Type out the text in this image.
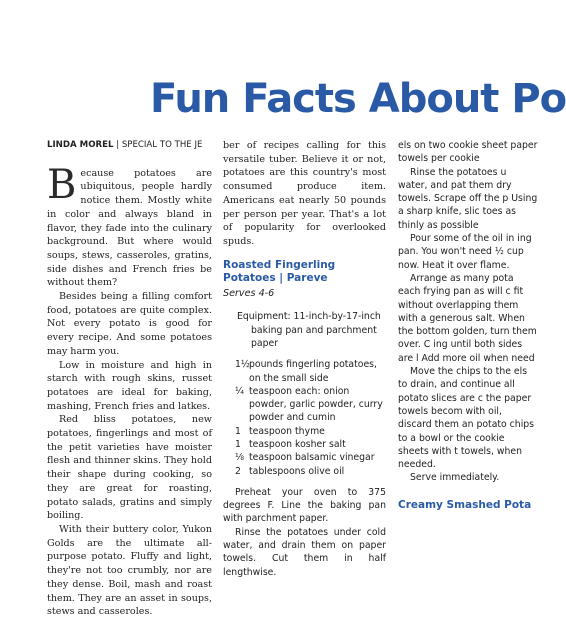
Fun Facts About Po
LINDA MOREL | SPECIAL TO THE JE

Because potatoes are ubiquitous, people hardly notice them. Mostly white in color and always bland in flavor, they fade into the culinary background. But where would soups, stews, casseroles, gratins, side dishes and French fries be without them?

Besides being a filling comfort food, potatoes are quite complex. Not every potato is good for every recipe. And some potatoes may harm you.

Low in moisture and high in starch with rough skins, russet potatoes are ideal for baking, mashing, French fries and latkes.

Red bliss potatoes, new potatoes, fingerlings and most of the petit varieties have moister flesh and thinner skins. They hold their shape during cooking, so they are great for roasting, potato salads, gratins and simply boiling.

With their buttery color, Yukon Golds are the ultimate all-purpose potato. Fluffy and light, they're not too crumbly, nor are they dense. Boil, mash and roast them. They are an asset in soups, stews and casseroles.

ber of recipes calling for this versatile tuber. Believe it or not, potatoes are this country's most consumed produce item. Americans eat nearly 50 pounds per person per year. That's a lot of popularity for overlooked spuds.

Roasted Fingerling Potatoes | Pareve
Serves 4-6
Equipment: 11-inch-by-17-inch baking pan and parchment paper
1½ pounds fingerling potatoes, on the small side
¼ teaspoon each: onion powder, garlic powder, curry powder and cumin
1 teaspoon thyme
1 teaspoon kosher salt
⅛ teaspoon balsamic vinegar
2 tablespoons olive oil

Preheat your oven to 375 degrees F. Line the baking pan with parchment paper.

Rinse the potatoes under cold water, and drain them on paper towels. Cut them in half lengthwise.

els on two cookie sheet paper towels per cookie

Rinse the potatoes u water, and pat them dry towels. Scrape off the p Using a sharp knife, slic toes as thinly as possible

Pour some of the oil in ing pan. You won't need ½ cup now. Heat it over flame.

Arrange as many pota each frying pan as will c fit without overlapping them with a generous salt. When the bottom golden, turn them over. C ing until both sides are l Add more oil when need

Move the chips to the els to drain, and continue all potato slices are c the paper towels becom with oil, discard them an potato chips to a bowl or the cookie sheets with t towels, when needed.

Serve immediately.

Creamy Smashed Pota
